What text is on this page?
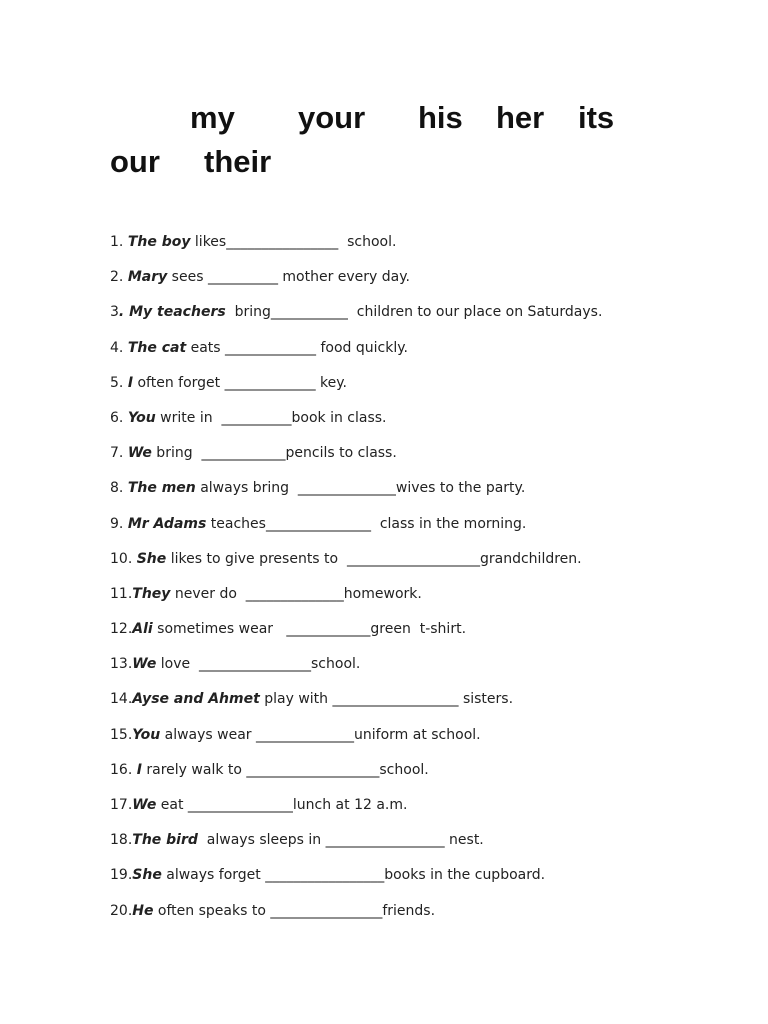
my your his her its
our their
1. The boy likes________________  school.
2. Mary sees __________ mother every day.
3. My teachers  bring___________  children to our place on Saturdays.
4. The cat eats _____________ food quickly.
5. I often forget _____________ key.
6. You write in  __________book in class.
7. We bring  ____________pencils to class.
8. The men always bring  ______________wives to the party.
9. Mr Adams teaches_______________  class in the morning.
10. She likes to give presents to  ___________________grandchildren.
11.They never do  ______________homework.
12.Ali sometimes wear   ____________green  t-shirt.
13.We love  ________________school.
14.Ayse and Ahmet play with __________________ sisters.
15.You always wear ______________uniform at school.
16. I rarely walk to ___________________school.
17.We eat _______________lunch at 12 a.m.
18.The bird  always sleeps in _________________ nest.
19.She always forget _________________books in the cupboard.
20.He often speaks to ________________friends.
